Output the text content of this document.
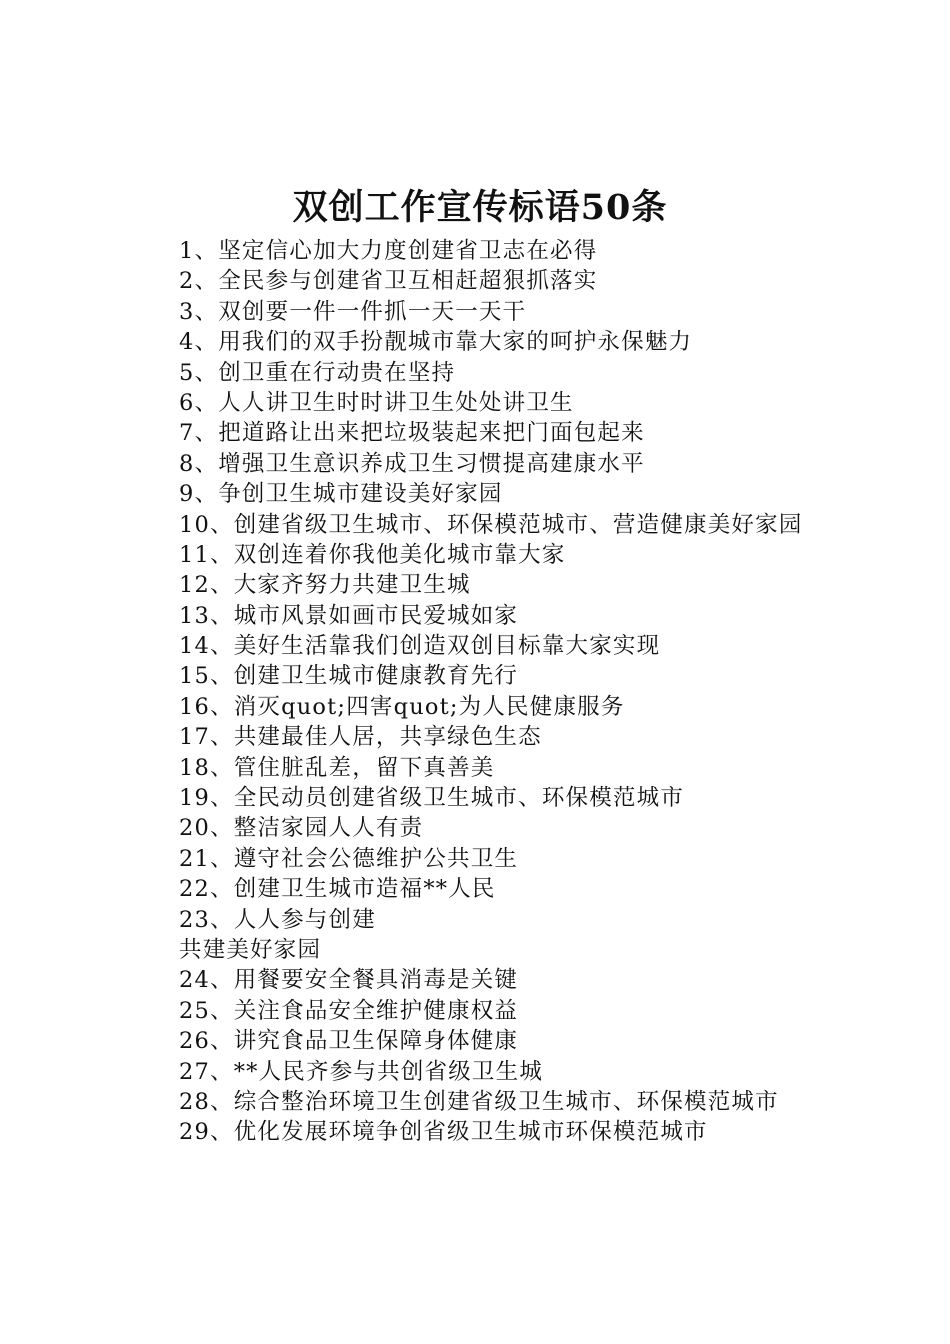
双创工作宣传标语50条
1、坚定信心加大力度创建省卫志在必得
2、全民参与创建省卫互相赶超狠抓落实
3、双创要一件一件抓一天一天干
4、用我们的双手扮靓城市靠大家的呵护永保魅力
5、创卫重在行动贵在坚持
6、人人讲卫生时时讲卫生处处讲卫生
7、把道路让出来把垃圾装起来把门面包起来
8、增强卫生意识养成卫生习惯提高建康水平
9、争创卫生城市建设美好家园
10、创建省级卫生城市、环保模范城市、营造健康美好家园
11、双创连着你我他美化城市靠大家
12、大家齐努力共建卫生城
13、城市风景如画市民爱城如家
14、美好生活靠我们创造双创目标靠大家实现
15、创建卫生城市健康教育先行
16、消灭quot;四害quot;为人民健康服务
17、共建最佳人居，共享绿色生态
18、管住脏乱差，留下真善美
19、全民动员创建省级卫生城市、环保模范城市
20、整洁家园人人有责
21、遵守社会公德维护公共卫生
22、创建卫生城市造福**人民
23、人人参与创建
共建美好家园
24、用餐要安全餐具消毒是关键
25、关注食品安全维护健康权益
26、讲究食品卫生保障身体健康
27、**人民齐参与共创省级卫生城
28、综合整治环境卫生创建省级卫生城市、环保模范城市
29、优化发展环境争创省级卫生城市环保模范城市
